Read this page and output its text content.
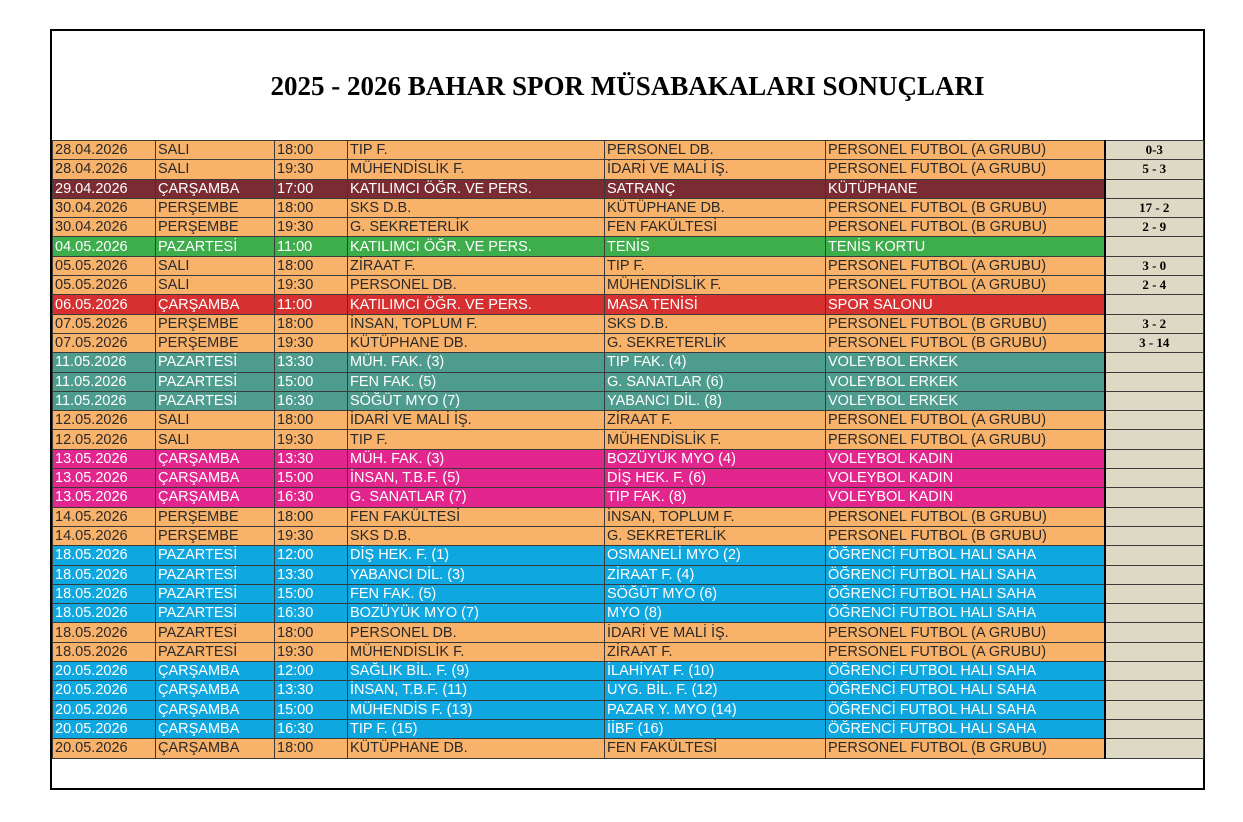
2025 - 2026 BAHAR SPOR MÜSABAKALARI SONUÇLARI
28.04.2026	SALI	18:00	TIP F.	PERSONEL DB.	PERSONEL FUTBOL (A GRUBU)	0-3
28.04.2026	SALI	19:30	MÜHENDİSLİK F.	İDARİ VE MALİ İŞ.	PERSONEL FUTBOL (A GRUBU)	5 - 3
29.04.2026	ÇARŞAMBA	17:00	KATILIMCI ÖĞR. VE PERS.	SATRANÇ	KÜTÜPHANE	
30.04.2026	PERŞEMBE	18:00	SKS D.B.	KÜTÜPHANE DB.	PERSONEL FUTBOL (B GRUBU)	17 - 2
30.04.2026	PERŞEMBE	19:30	G. SEKRETERLİK	FEN FAKÜLTESİ	PERSONEL FUTBOL (B GRUBU)	2 - 9
04.05.2026	PAZARTESİ	11:00	KATILIMCI ÖĞR. VE PERS.	TENİS	TENİS KORTU	
05.05.2026	SALI	18:00	ZİRAAT F.	TIP F.	PERSONEL FUTBOL (A GRUBU)	3 - 0
05.05.2026	SALI	19:30	PERSONEL DB.	MÜHENDİSLİK F.	PERSONEL FUTBOL (A GRUBU)	2 - 4
06.05.2026	ÇARŞAMBA	11:00	KATILIMCI ÖĞR. VE PERS.	MASA TENİSİ	SPOR SALONU	
07.05.2026	PERŞEMBE	18:00	İNSAN, TOPLUM F.	SKS D.B.	PERSONEL FUTBOL (B GRUBU)	3 - 2
07.05.2026	PERŞEMBE	19:30	KÜTÜPHANE DB.	G. SEKRETERLİK	PERSONEL FUTBOL (B GRUBU)	3 - 14
11.05.2026	PAZARTESİ	13:30	MÜH. FAK. (3)	TIP FAK. (4)	VOLEYBOL ERKEK	
11.05.2026	PAZARTESİ	15:00	FEN FAK. (5)	G. SANATLAR (6)	VOLEYBOL ERKEK	
11.05.2026	PAZARTESİ	16:30	SÖĞÜT MYO (7)	YABANCI DİL. (8)	VOLEYBOL ERKEK	
12.05.2026	SALI	18:00	İDARİ VE MALİ İŞ.	ZİRAAT F.	PERSONEL FUTBOL (A GRUBU)	
12.05.2026	SALI	19:30	TIP F.	MÜHENDİSLİK F.	PERSONEL FUTBOL (A GRUBU)	
13.05.2026	ÇARŞAMBA	13:30	MÜH. FAK. (3)	BOZÜYÜK MYO (4)	VOLEYBOL KADIN	
13.05.2026	ÇARŞAMBA	15:00	İNSAN, T.B.F. (5)	DİŞ HEK. F. (6)	VOLEYBOL KADIN	
13.05.2026	ÇARŞAMBA	16:30	G. SANATLAR (7)	TIP FAK. (8)	VOLEYBOL KADIN	
14.05.2026	PERŞEMBE	18:00	FEN FAKÜLTESİ	İNSAN, TOPLUM F.	PERSONEL FUTBOL (B GRUBU)	
14.05.2026	PERŞEMBE	19:30	SKS D.B.	G. SEKRETERLİK	PERSONEL FUTBOL (B GRUBU)	
18.05.2026	PAZARTESİ	12:00	DİŞ HEK. F. (1)	OSMANELİ MYO (2)	ÖĞRENCİ FUTBOL HALI SAHA	
18.05.2026	PAZARTESİ	13:30	YABANCI DİL. (3)	ZİRAAT F. (4)	ÖĞRENCİ FUTBOL HALI SAHA	
18.05.2026	PAZARTESİ	15:00	FEN FAK. (5)	SÖĞÜT MYO (6)	ÖĞRENCİ FUTBOL HALI SAHA	
18.05.2026	PAZARTESİ	16:30	BOZÜYÜK MYO (7)	MYO (8)	ÖĞRENCİ FUTBOL HALI SAHA	
18.05.2026	PAZARTESİ	18:00	PERSONEL DB.	İDARİ VE MALİ İŞ.	PERSONEL FUTBOL (A GRUBU)	
18.05.2026	PAZARTESİ	19:30	MÜHENDİSLİK F.	ZİRAAT F.	PERSONEL FUTBOL (A GRUBU)	
20.05.2026	ÇARŞAMBA	12:00	SAĞLIK BİL. F. (9)	İLAHİYAT F. (10)	ÖĞRENCİ FUTBOL HALI SAHA	
20.05.2026	ÇARŞAMBA	13:30	İNSAN, T.B.F. (11)	UYG. BİL. F. (12)	ÖĞRENCİ FUTBOL HALI SAHA	
20.05.2026	ÇARŞAMBA	15:00	MÜHENDİS F. (13)	PAZAR Y. MYO (14)	ÖĞRENCİ FUTBOL HALI SAHA	
20.05.2026	ÇARŞAMBA	16:30	TIP F. (15)	İİBF (16)	ÖĞRENCİ FUTBOL HALI SAHA	
20.05.2026	ÇARŞAMBA	18:00	KÜTÜPHANE DB.	FEN FAKÜLTESİ	PERSONEL FUTBOL (B GRUBU)	
